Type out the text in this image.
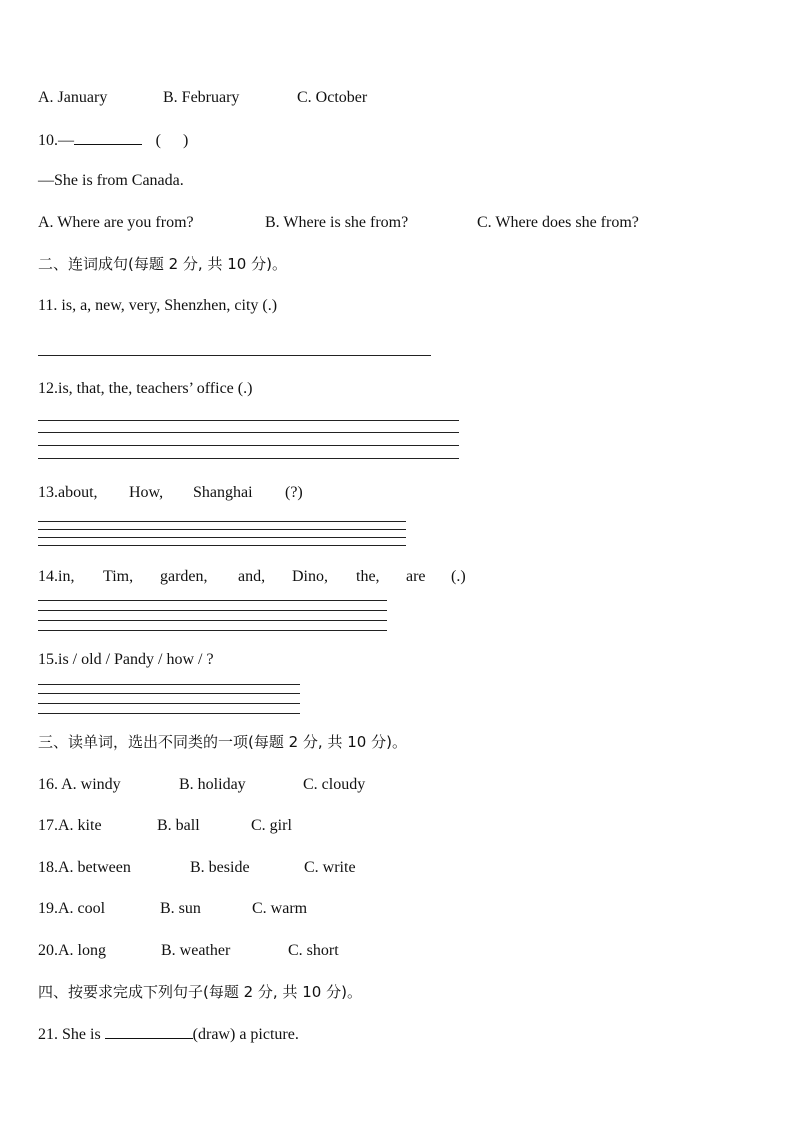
A. January	B. February	C. October
10.—	( )
—She is from Canada.
A. Where are you from?	B. Where is she from?	C. Where does she from?
二、连词成句(每题 2 分, 共 10 分)。
11. is, a, new, very, Shenzhen, city (.)
12.is, that, the, teachers’ office (.)
13.about, How, Shanghai (?)
14.in, Tim, garden, and, Dino, the, are (.)
15.is / old / Pandy / how / ?
三、读单词，选出不同类的一项(每题 2 分, 共 10 分)。
16. A. windy	B. holiday	C. cloudy
17.A. kite	B. ball	C. girl
18.A. between	B. beside	C. write
19.A. cool	B. sun	C. warm
20.A. long	B. weather	C. short
四、按要求完成下列句子(每题 2 分, 共 10 分)。
21. She is	(draw) a picture.
